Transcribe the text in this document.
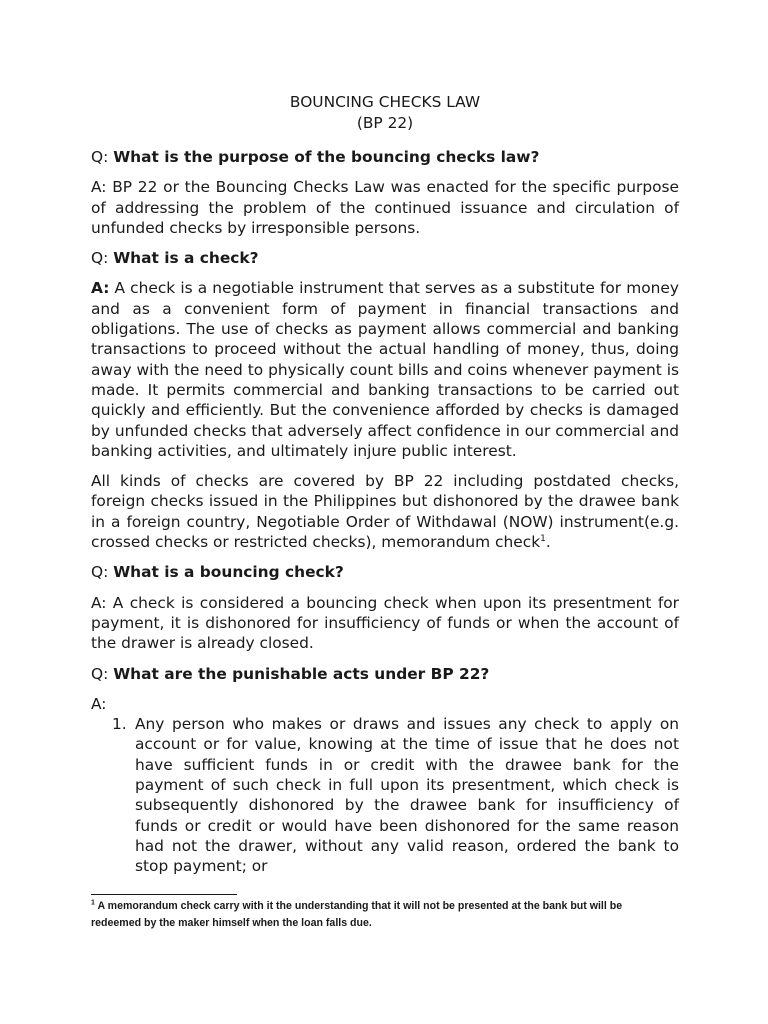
BOUNCING CHECKS LAW
(BP 22)

Q: What is the purpose of the bouncing checks law?

A: BP 22 or the Bouncing Checks Law was enacted for the specific purpose of addressing the problem of the continued issuance and circulation of unfunded checks by irresponsible persons.

Q: What is a check?

A: A check is a negotiable instrument that serves as a substitute for money and as a convenient form of payment in financial transactions and obligations. The use of checks as payment allows commercial and banking transactions to proceed without the actual handling of money, thus, doing away with the need to physically count bills and coins whenever payment is made. It permits commercial and banking transactions to be carried out quickly and efficiently. But the convenience afforded by checks is damaged by unfunded checks that adversely affect confidence in our commercial and banking activities, and ultimately injure public interest.

All kinds of checks are covered by BP 22 including postdated checks, foreign checks issued in the Philippines but dishonored by the drawee bank in a foreign country, Negotiable Order of Withdawal (NOW) instrument(e.g. crossed checks or restricted checks), memorandum check$^1$.

Q: What is a bouncing check?

A: A check is considered a bouncing check when upon its presentment for payment, it is dishonored for insufficiency of funds or when the account of the drawer is already closed.

Q: What are the punishable acts under BP 22?

A:
1. Any person who makes or draws and issues any check to apply on account or for value, knowing at the time of issue that he does not have sufficient funds in or credit with the drawee bank for the payment of such check in full upon its presentment, which check is subsequently dishonored by the drawee bank for insufficiency of funds or credit or would have been dishonored for the same reason had not the drawer, without any valid reason, ordered the bank to stop payment; or
$^1$ A memorandum check carry with it the understanding that it will not be presented at the bank but will be redeemed by the maker himself when the loan falls due.
